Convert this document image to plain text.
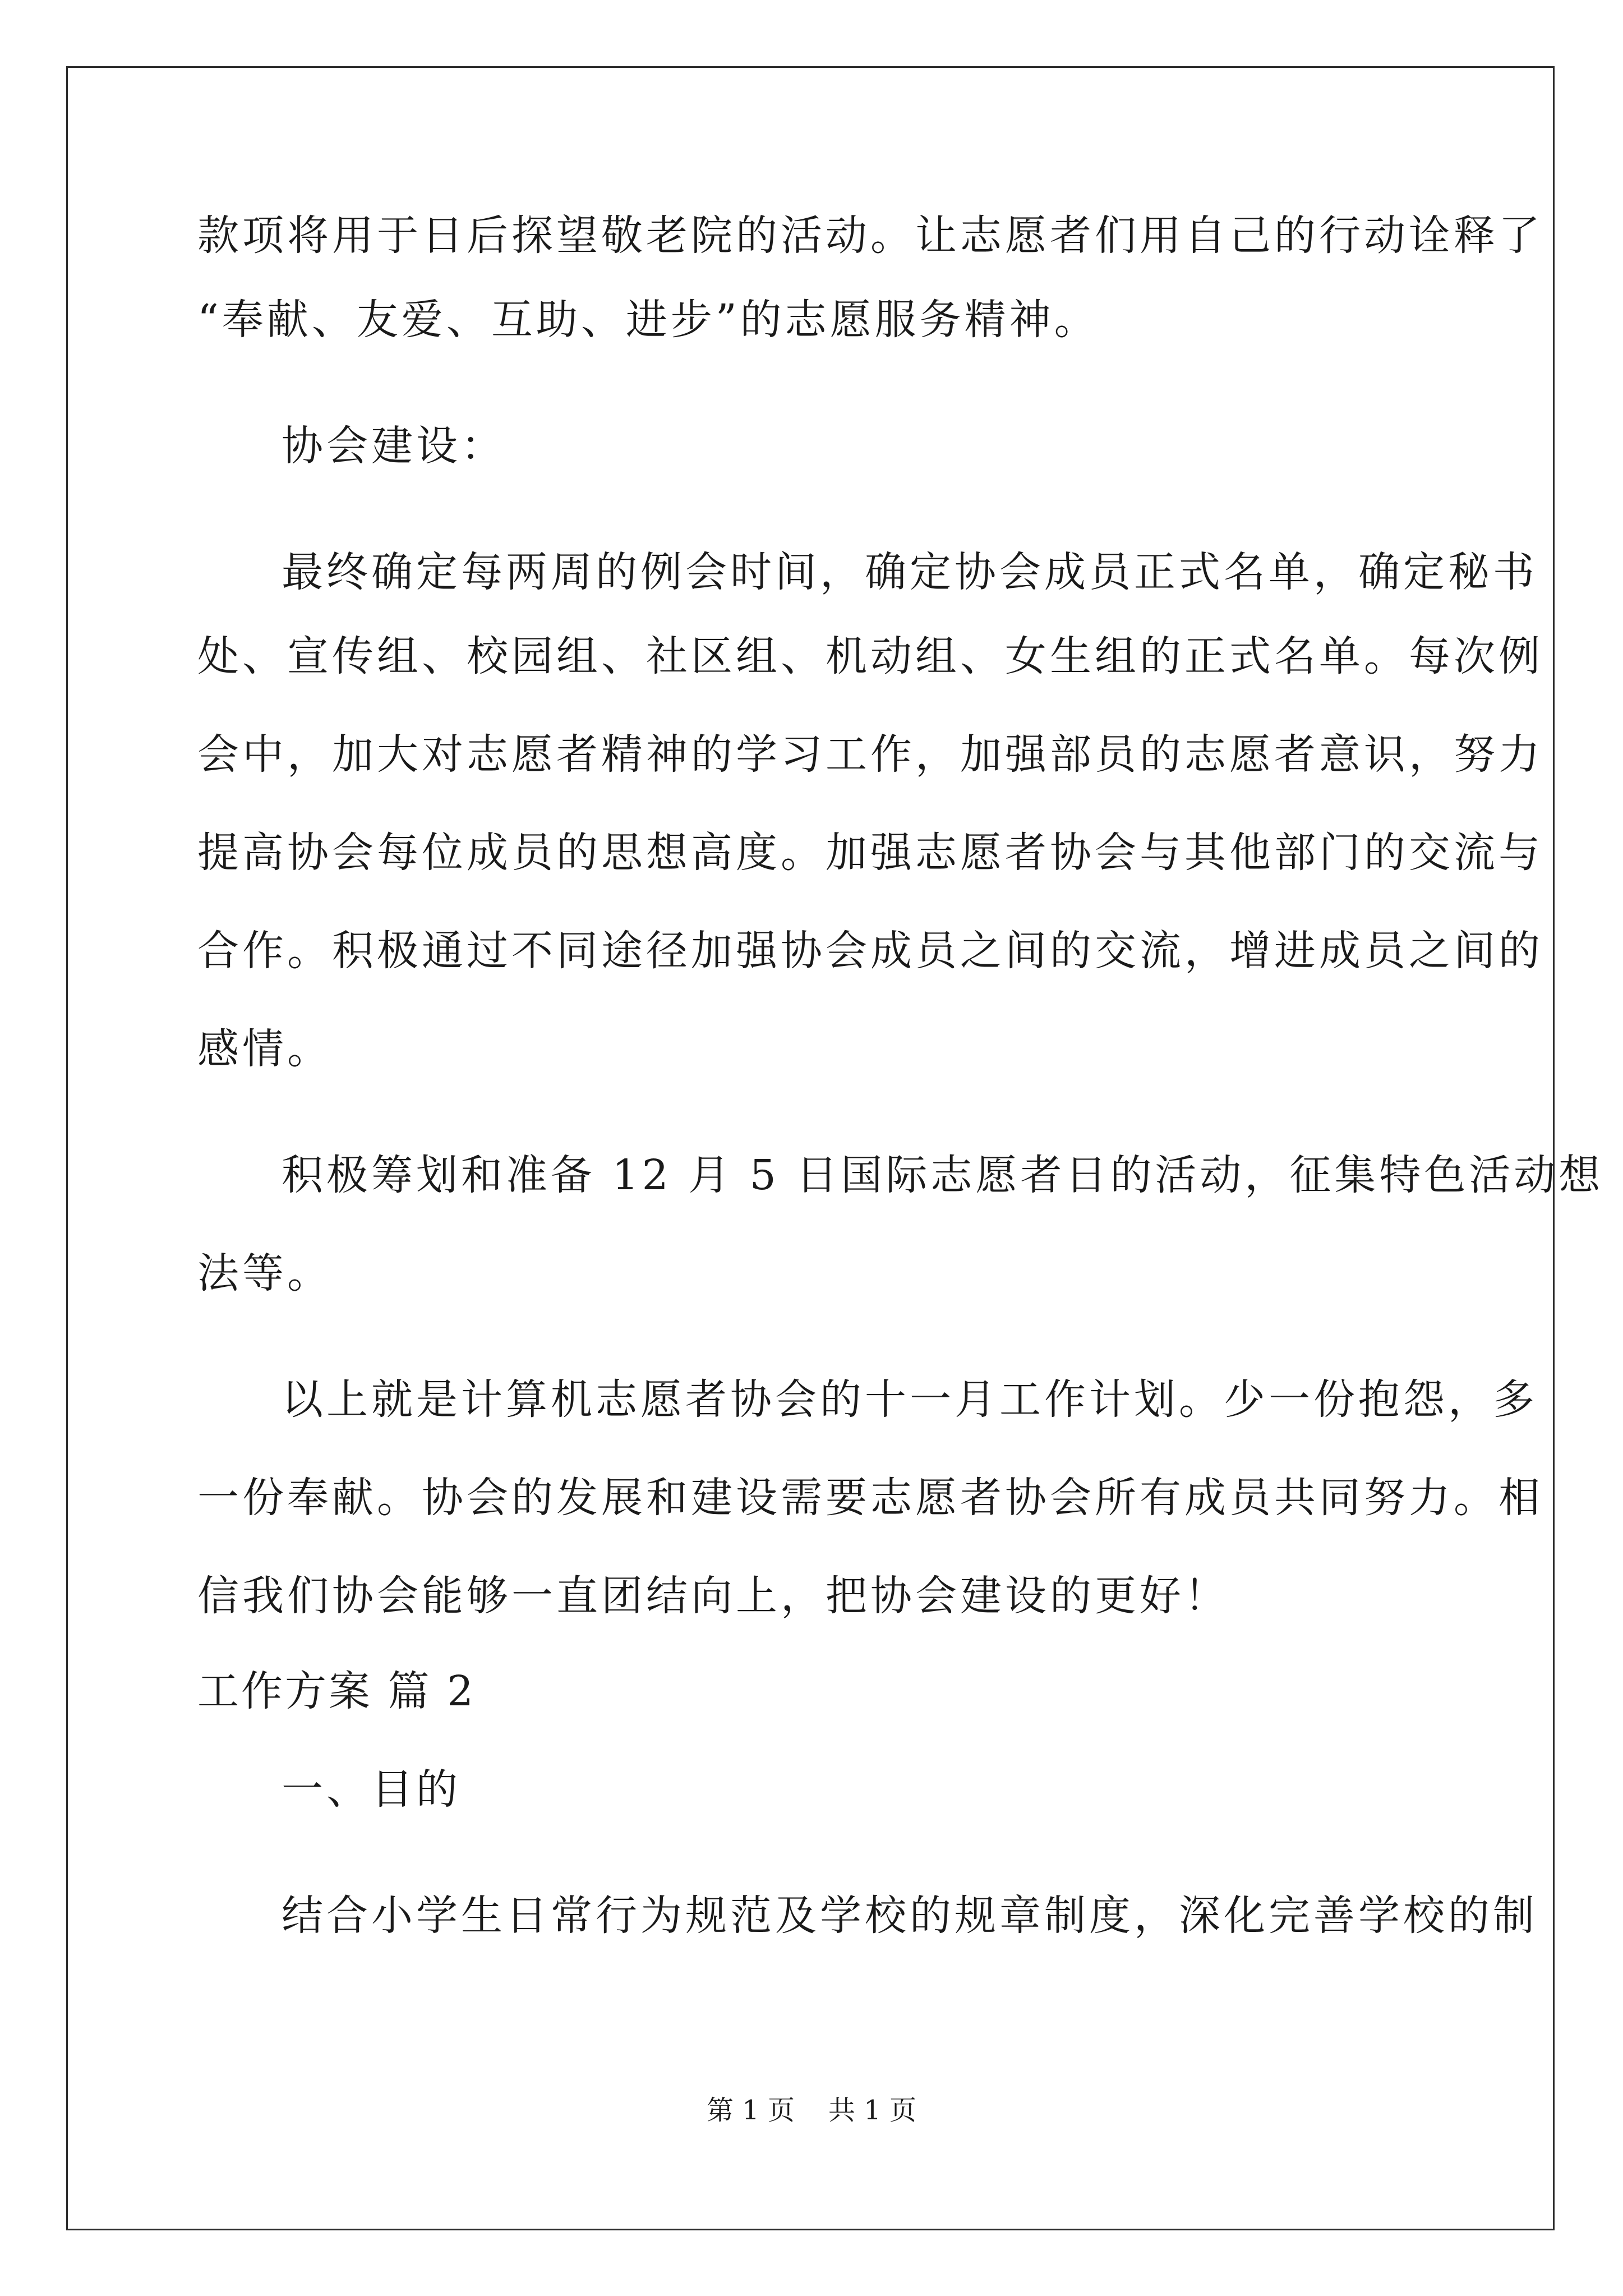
款项将用于日后探望敬老院的活动。让志愿者们用自己的行动诠释了
“奉献、友爱、互助、进步”的志愿服务精神。
协会建设：
最终确定每两周的例会时间，确定协会成员正式名单，确定秘书
处、宣传组、校园组、社区组、机动组、女生组的正式名单。每次例
会中，加大对志愿者精神的学习工作，加强部员的志愿者意识，努力
提高协会每位成员的思想高度。加强志愿者协会与其他部门的交流与
合作。积极通过不同途径加强协会成员之间的交流，增进成员之间的
感情。
积极筹划和准备 12 月 5 日国际志愿者日的活动，征集特色活动想
法等。
以上就是计算机志愿者协会的十一月工作计划。少一份抱怨，多
一份奉献。协会的发展和建设需要志愿者协会所有成员共同努力。相
信我们协会能够一直团结向上，把协会建设的更好！
工作方案 篇 2
一、目的
结合小学生日常行为规范及学校的规章制度，深化完善学校的制
第 1 页 共 1 页
